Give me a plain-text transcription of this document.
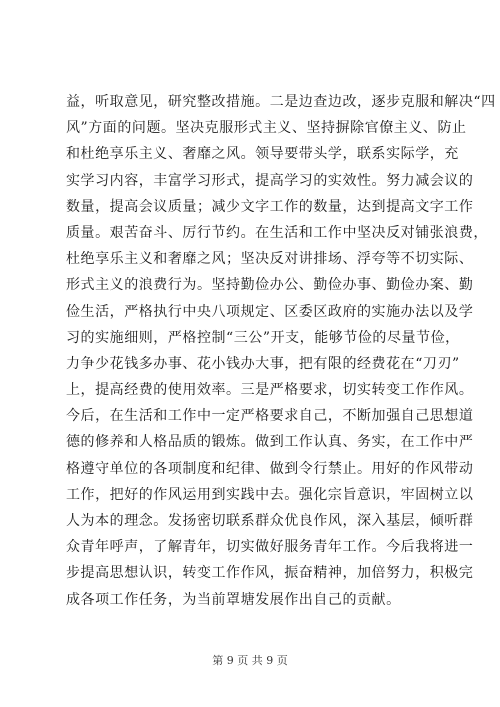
益，听取意见，研究整改措施。二是边查边改，逐步克服和解决“四
风”方面的问题。坚决克服形式主义、坚持摒除官僚主义、防止
和杜绝享乐主义、奢靡之风。领导要带头学，联系实际学，充
实学习内容，丰富学习形式，提高学习的实效性。努力减会议的
数量，提高会议质量；减少文字工作的数量，达到提高文字工作
质量。艰苦奋斗、厉行节约。在生活和工作中坚决反对铺张浪费，
杜绝享乐主义和奢靡之风；坚决反对讲排场、浮夸等不切实际、
形式主义的浪费行为。坚持勤俭办公、勤俭办事、勤俭办案、勤
俭生活，严格执行中央八项规定、区委区政府的实施办法以及学
习的实施细则，严格控制“三公”开支，能够节俭的尽量节俭，
力争少花钱多办事、花小钱办大事，把有限的经费花在“刀刃”
上，提高经费的使用效率。三是严格要求，切实转变工作作风。
今后，在生活和工作中一定严格要求自己，不断加强自己思想道
德的修养和人格品质的锻炼。做到工作认真、务实，在工作中严
格遵守单位的各项制度和纪律、做到令行禁止。用好的作风带动
工作，把好的作风运用到实践中去。强化宗旨意识，牢固树立以
人为本的理念。发扬密切联系群众优良作风，深入基层，倾听群
众青年呼声，了解青年，切实做好服务青年工作。今后我将进一
步提高思想认识，转变工作作风，振奋精神，加倍努力，积极完
成各项工作任务，为当前罩塘发展作出自己的贡献。
第 9 页 共 9 页
